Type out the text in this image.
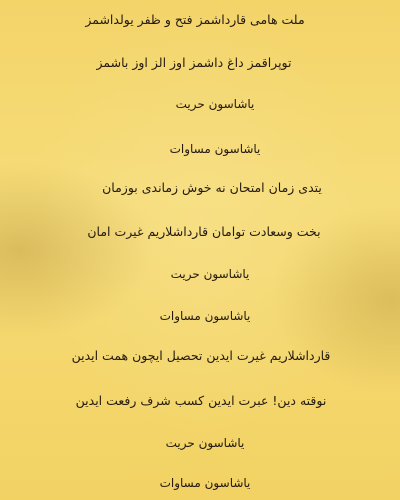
ملت هامی قارداشمز فتح و ظفر یولداشمز

توپراقمز داغ داشمز اوز الز اوز باشمز

یاشاسون حریت

یاشاسون مساوات

یتدی زمان امتحان نه خوش زماندی بوزمان

بخت وسعادت توامان قارداشلاریم غیرت امان

یاشاسون حریت

یاشاسون مساوات

قارداشلاریم غیرت ایدین تحصیل ایچون همت ایدین

نوقته دین! عبرت ایدین کسب شرف رفعت ایدین

یاشاسون حریت

یاشاسون مساوات
